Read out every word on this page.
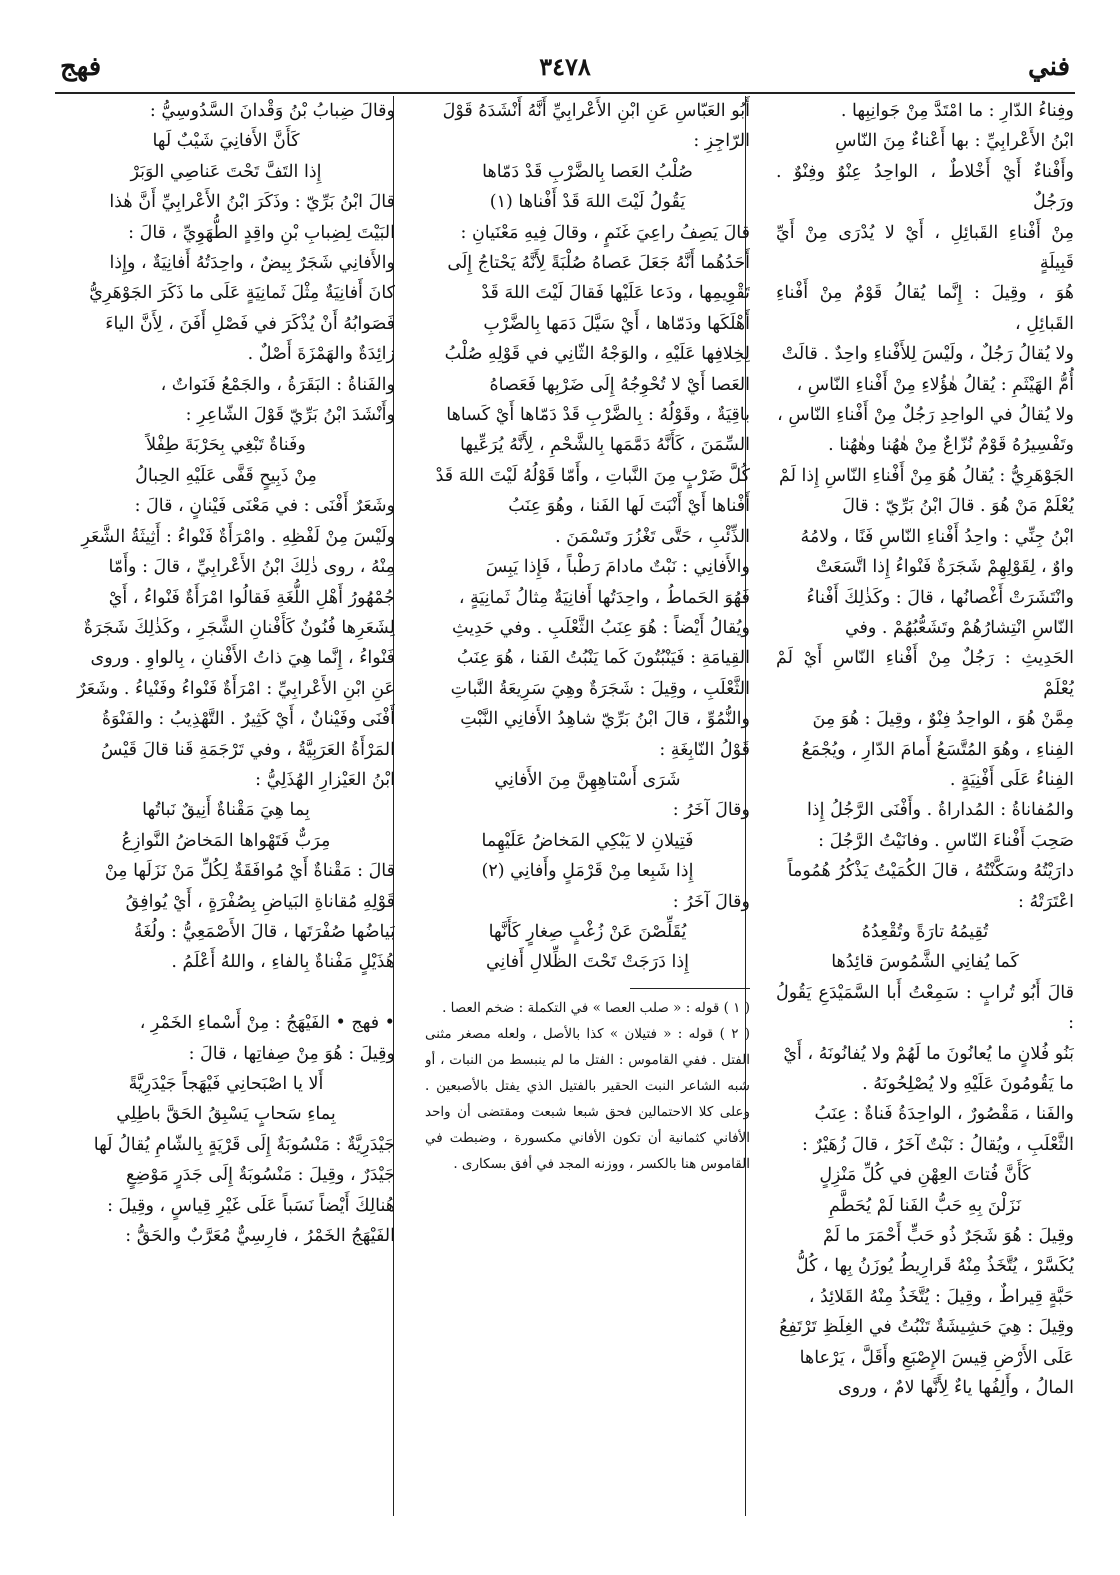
فني
٣٤٧٨
فهج

وفِناءُ الدّارِ : ما امْتَدَّ مِنْ جَوانِبِها .

ابْنُ الأَعْرابِيِّ : بها أَعْناءٌ مِنَ النّاسِ

وأَفْناءٌ أَيْ أَخْلاطٌ ، الواحِدُ عِنْوٌ وفِنْوٌ . ورَجُلٌ

مِنْ أَفْناءِ القَبائِلِ ، أَيْ لا يُدْرَى مِنْ أَيِّ قَبِيلَةٍ

هُوَ ، وقِيلَ : إِنَّما يُقالُ قَوْمٌ مِنْ أَفْناءِ القَبائِلِ ،

ولا يُقالُ رَجُلٌ ، ولَيْسَ لِلأَفْناءِ واحِدٌ . قالَتْ

أُمُّ الهَيْثَمِ : يُقالُ هٰؤُلاءِ مِنْ أَفْناءِ النّاسِ ،

ولا يُقالُ في الواحِدِ رَجُلٌ مِنْ أَفْناءِ النّاسِ ،

وتَفْسِيرُهُ قَوْمٌ نُزّاعٌ مِنْ هٰهُنا وهٰهُنا .

الجَوْهَرِيُّ : يُقالُ هُوَ مِنْ أَفْناءِ النّاسِ إِذا لَمْ

يُعْلَمْ مَنْ هُوَ . قالَ ابْنُ بَرِّيّ : قالَ

ابْنُ جِنِّي : واحِدُ أَفْناءِ النّاسِ فَنًا ، ولامُهُ

واوٌ ، لِقَوْلِهِمْ شَجَرَةٌ فَنْواءُ إِذا اتَّسَعَتْ

وانْتَشَرَتْ أَغْصانُها ، قالَ : وكَذٰلِكَ أَفْناءُ

النّاسِ انْتِشارُهُمْ وتَشَعُّبُهُمْ . وفي

الحَدِيثِ : رَجُلٌ مِنْ أَفْناءِ النّاسِ أَيْ لَمْ يُعْلَمْ

مِمَّنْ هُوَ ، الواحِدُ فِنْوٌ ، وقِيلَ : هُوَ مِنَ

الفِناءِ ، وهُوَ المُتَّسَعُ أَمامَ الدّارِ ، ويُجْمَعُ

الفِناءُ عَلَى أَفْنِيَةٍ .

والمُفاناةُ : المُداراةُ . وأَفْنَى الرَّجُلُ إِذا

صَحِبَ أَفْناءَ النّاسِ . وفانَيْتُ الرَّجُلَ :

دارَيْتُهُ وسَكَّنْتُهُ ، قالَ الكُمَيْتُ يَذْكُرُ هُمُوماً

اعْتَرَتْهُ :

تُقِيمُهُ تارَةً وتُقْعِدُهُ

كَما يُفانِي الشَّمُوسَ قائِدُها

قالَ أَبُو تُرابٍ : سَمِعْتُ أَبا السَّمَيْدَعِ يَقُولُ :

بَنُو فُلانٍ ما يُعانُونَ ما لَهُمْ ولا يُفانُونَهُ ، أَيْ

ما يَقُومُونَ عَلَيْهِ ولا يُصْلِحُونَهُ .

والفَنا ، مَقْصُورٌ ، الواحِدَةُ فَناةٌ : عِنَبُ

الثَّعْلَبِ ، ويُقالُ : نَبْتٌ آخَرُ ، قالَ زُهَيْرٌ :

كَأَنَّ فُتاتَ العِهْنِ في كُلِّ مَنْزِلٍ

نَزَلْنَ بِهِ حَبُّ الفَنا لَمْ يُحَطَّمِ

وقِيلَ : هُوَ شَجَرٌ ذُو حَبٍّ أَحْمَرَ ما لَمْ

يُكَسَّرْ ، يُتَّخَذُ مِنْهُ قَرارِيطُ يُوزَنُ بِها ، كُلُّ

حَبَّةٍ قِيراطٌ ، وقِيلَ : يُتَّخَذُ مِنْهُ القَلائِدُ ،

وقِيلَ : هِيَ حَشِيشَةٌ تَنْبُتُ في الغِلَظِ تَرْتَفِعُ

عَلَى الأَرْضِ قِيسَ الإِصْبَعِ وأَقَلَّ ، يَرْعاها

المالُ ، وأَلِفُها ياءٌ لِأَنَّها لامٌ ، وروى

أَبُو العَبّاسِ عَنِ ابْنِ الأَعْرابِيِّ أَنَّهُ أَنْشَدَهُ قَوْلَ

الرّاجِزِ :

صُلْبُ العَصا بِالضَّرْبِ قَدْ دَمّاها

يَقُولُ لَيْتَ اللهَ قَدْ أَفْناها (١)

قالَ يَصِفُ راعِيَ غَنَمٍ ، وقالَ فِيهِ مَعْنَيانِ :

أَحَدُهُما أَنَّهُ جَعَلَ عَصاهُ صُلْبَةً لِأَنَّهُ يَحْتاجُ إِلَى

تَقْوِيمِها ، ودَعا عَلَيْها فَقالَ لَيْتَ اللهَ قَدْ

أَهْلَكَها ودَمّاها ، أَيْ سَيَّلَ دَمَها بِالضَّرْبِ

لِخِلافِها عَلَيْهِ ، والوَجْهُ الثّانِي في قَوْلِهِ صُلْبُ

العَصا أَيْ لا تُحْوِجُهُ إِلَى ضَرْبِها فَعَصاهُ

باقِيَةٌ ، وقَوْلُهُ : بِالضَّرْبِ قَدْ دَمّاها أَيْ كَساها

السِّمَنَ ، كَأَنَّهُ دَمَّمَها بِالشَّحْمِ ، لِأَنَّهُ يُرَعِّيها

كُلَّ ضَرْبٍ مِنَ النَّباتِ ، وأَمّا قَوْلُهُ لَيْتَ اللهَ قَدْ

أَفْناها أَيْ أَنْبَتَ لَها الفَنا ، وهُوَ عِنَبُ

الذِّئْبِ ، حَتَّى تَغْزُرَ وتَسْمَنَ .

والأَفانِي : نَبْتٌ مادامَ رَطْباً ، فَإِذا يَبِسَ

فَهُوَ الحَماطُ ، واحِدَتُها أَفانِيَةٌ مِثالُ ثَمانِيَةٍ ،

ويُقالُ أَيْضاً : هُوَ عِنَبُ الثَّعْلَبِ . وفي حَدِيثِ

القِيامَةِ : فَيَنْبُتُونَ كَما يَنْبُتُ الفَنا ، هُوَ عِنَبُ

الثَّعْلَبِ ، وقِيلَ : شَجَرَةٌ وهِيَ سَرِيعَةُ النَّباتِ

والنُّمُوِّ ، قالَ ابْنُ بَرِّيّ شاهِدُ الأَفانِي النَّبْتِ

قَوْلُ النّابِغَةِ :

شَرَى أَسْتاهِهِنَّ مِنَ الأَفانِي

وقالَ آخَرُ :

فَتِيلانِ لا يَبْكِي المَخاضُ عَلَيْهِما

إِذا شَبِعا مِنْ قَرْمَلٍ وأَفانِي (٢)

وقالَ آخَرُ :

يُقَلِّصْنَ عَنْ زُغْبٍ صِغارٍ كَأَنَّها

إِذا دَرَجَتْ تَحْتَ الظِّلالِ أَفانِي

( ١ ) قوله : « صلب العصا » في التكملة : ضخم العصا .

( ٢ ) قوله : « فتيلان » كذا بالأصل ، ولعله مصغر مثنى الفتل . ففي القاموس : الفتل ما لم ينبسط من النبات ، أو شبه الشاعر النبت الحقير بالفتيل الذي يفتل بالأصبعين . وعلى كلا الاحتمالين فحق شبعا شبعت ومقتضى أن واحد الأفاني كثمانية أن تكون الأفاني مكسورة ، وضبطت في القاموس هنا بالكسر ، ووزنه المجد في أفق بسكارى .

وقالَ ضِبابُ بْنُ وَقْدانَ السَّدُوسِيُّ :

كَأَنَّ الأَفانِيَ شَيْبٌ لَها

إِذا التَفَّ تَحْتَ عَناصِي الوَبَرْ

قالَ ابْنُ بَرِّيّ : وذَكَرَ ابْنُ الأَعْرابِيِّ أَنَّ هٰذا

البَيْتَ لِضِبابِ بْنِ واقِدٍ الطُّهَوِيِّ ، قالَ :

والأَفانِي شَجَرٌ بِيضٌ ، واحِدَتُهُ أَفانِيَةٌ ، وإِذا

كانَ أَفانِيَةٌ مِثْلَ ثَمانِيَةٍ عَلَى ما ذَكَرَ الجَوْهَرِيُّ

فَصَوابُهُ أَنْ يُذْكَرَ في فَصْلِ أَفَنَ ، لِأَنَّ الياءَ

زائِدَةٌ والهَمْزَةَ أَصْلٌ .

والفَناةُ : البَقَرَةُ ، والجَمْعُ فَنَواتٌ ،

وأَنْشَدَ ابْنُ بَرِّيّ قَوْلَ الشّاعِرِ :

وفَناةٌ تَبْغِي بِحَرْبَةَ طِفْلاً

مِنْ ذَبِيحٍ قَفَّى عَلَيْهِ الحِبالُ

وشَعَرٌ أَفْنَى : في مَعْنَى فَيْنانٍ ، قالَ :

ولَيْسَ مِنْ لَفْظِهِ . وامْرَأَةٌ فَنْواءُ : أَثِيثَةُ الشَّعَرِ

مِنْهُ ، روى ذٰلِكَ ابْنُ الأَعْرابِيِّ ، قالَ : وأَمّا

جُمْهُورُ أَهْلِ اللُّغَةِ فَقالُوا امْرَأَةٌ فَنْواءُ ، أَيْ

لِشَعَرِها فُنُونٌ كَأَفْنانِ الشَّجَرِ ، وكَذٰلِكَ شَجَرَةٌ

فَنْواءُ ، إِنَّما هِيَ ذاتُ الأَفْنانِ ، بِالواوِ . وروى

عَنِ ابْنِ الأَعْرابِيِّ : امْرَأَةٌ فَنْواءُ وفَنْياءُ . وشَعَرٌ

أَفْنَى وفَيْنانٌ ، أَيْ كَثِيرٌ . التَّهْذِيبُ : والفَنْوَةُ

المَرْأَةُ العَرَبِيَّةُ ، وفي تَرْجَمَةِ قَنا قالَ قَيْسُ

ابْنُ العَيْزارِ الهُذَلِيُّ :

بِما هِيَ مَقْناةٌ أَنِيقٌ نَباتُها

مِرَبٌّ فَتَهْواها المَخاضُ النَّوازِعُ

قالَ : مَقْناةٌ أَيْ مُوافَقَةٌ لِكُلِّ مَنْ نَزَلَها مِنْ

قَوْلِهِ مُقاناةِ البَياضِ بِصُفْرَةٍ ، أَيْ يُوافِقُ

بَياضُها صُفْرَتَها ، قالَ الأَصْمَعِيُّ : ولُغَةُ

هُذَيْلٍ مَفْناةٌ بِالفاءِ ، واللهُ أَعْلَمُ .

• فهج • الفَيْهَجُ : مِنْ أَسْماءِ الخَمْرِ ،

وقِيلَ : هُوَ مِنْ صِفاتِها ، قالَ :

أَلا يا اصْبَحانِي فَيْهَجاً جَيْدَرِيَّةً

بِماءِ سَحابٍ يَسْبِقُ الحَقَّ باطِلِي

جَيْدَرِيَّةٌ : مَنْسُوبَةٌ إِلَى قَرْيَةٍ بِالشّامِ يُقالُ لَها

جَيْدَرٌ ، وقِيلَ : مَنْسُوبَةٌ إِلَى جَدَرٍ مَوْضِعٍ

هُنالِكَ أَيْضاً نَسَباً عَلَى غَيْرِ قِياسٍ ، وقِيلَ :

الفَيْهَجُ الخَمْرُ ، فارِسِيٌّ مُعَرَّبٌ والحَقُّ :
